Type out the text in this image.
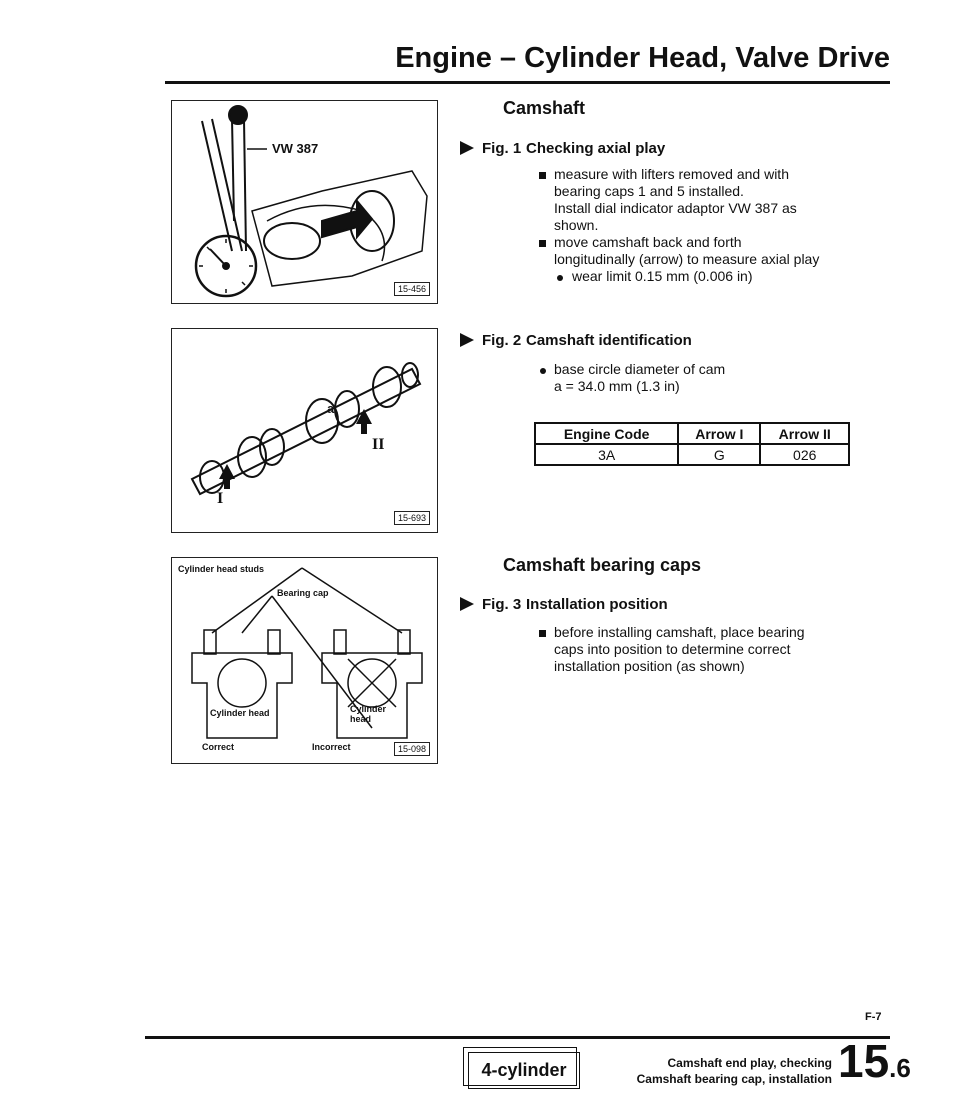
Engine – Cylinder Head, Valve Drive
VW 387
15-456
a
I
II
15-693
Cylinder head studs
Bearing cap
Cylinder head	Cylinder
head
Correct	Incorrect	15-098
Camshaft
Fig. 1 Checking axial play
measure with lifters removed and with
bearing caps 1 and 5 installed.
Install dial indicator adaptor VW 387 as
shown.
move camshaft back and forth
longitudinally (arrow) to measure axial play
wear limit 0.15 mm (0.006 in)
Fig. 2 Camshaft identification
base circle diameter of cam
a = 34.0 mm (1.3 in)
Engine Code	Arrow I	Arrow II
3A	G	026
Camshaft bearing caps
Fig. 3 Installation position
before installing camshaft, place bearing
caps into position to determine correct
installation position (as shown)
F-7
4-cylinder	Camshaft end play, checking
Camshaft bearing cap, installation 15.6
